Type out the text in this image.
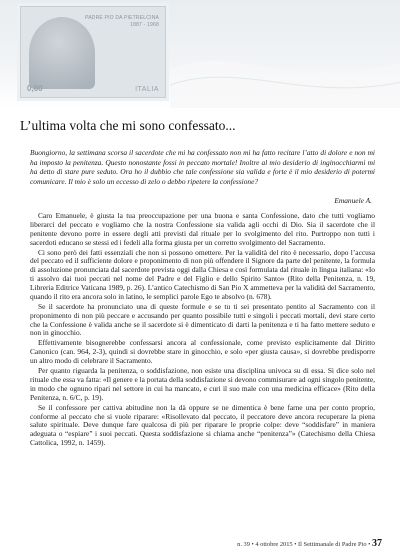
PADRE PIO DA PIETRELCINA
1887 - 1968
0,60	ITALIA
L’ultima volta che mi sono confessato...
Buongiorno, la settimana scorsa il sacerdote che mi ha confessato non mi ha fatto recitare l’atto di dolore e non mi ha imposto la penitenza. Questo nonostante fossi in peccato mortale! Inoltre al mio desiderio di inginocchiarmi mi ha detto di stare pure seduto. Ora ho il dubbio che tale confessione sia valida e forte è il mio desiderio di potermi comunicare. Il mio è solo un eccesso di zelo o debbo ripetere la confessione?
Emanuele A.

Caro Emanuele, è giusta la tua preoccupazione per una buona e santa Confessione, dato che tutti vogliamo liberarci del peccato e vogliamo che la nostra Confessione sia valida agli occhi di Dio. Sia il sacerdote che il penitente devono porre in essere degli atti previsti dal rituale per lo svolgimento del rito. Purtroppo non tutti i sacerdoti educano se stessi ed i fedeli alla forma giusta per un corretto svolgimento del Sacramento.

Ci sono però dei fatti essenziali che non si possono omettere. Per la validità del rito è necessario, dopo l’accusa del peccato ed il sufficiente dolore e proponimento di non più offendere il Signore da parte del penitente, la formula di assoluzione pronunciata dal sacerdote prevista oggi dalla Chiesa e così formulata dal rituale in lingua italiana: «Io ti assolvo dai tuoi peccati nel nome del Padre e del Figlio e dello Spirito Santo» (Rito della Penitenza, n. 19, Libreria Editrice Vaticana 1989, p. 26). L’antico Catechismo di San Pio X ammetteva per la validità del Sacramento, quando il rito era ancora solo in latino, le semplici parole Ego te absolvo (n. 678).

Se il sacerdote ha pronunciato una di queste formule e se tu ti sei presentato pentito al Sacramento con il proponimento di non più peccare e accusando per quanto possibile tutti e singoli i peccati mortali, devi stare certo che la Confessione è valida anche se il sacerdote si è dimenticato di darti la penitenza e ti ha fatto mettere seduto e non in ginocchio.

Effettivamente bisognerebbe confessarsi ancora al confessionale, come previsto esplicitamente dal Diritto Canonico (can. 964, 2-3), quindi si dovrebbe stare in ginocchio, e solo «per giusta causa», si dovrebbe predisporre un altro modo di celebrare il Sacramento.

Per quanto riguarda la penitenza, o soddisfazione, non esiste una disciplina univoca su di essa. Si dice solo nel rituale che essa va fatta: «Il genere e la portata della soddisfazione si devono commisurare ad ogni singolo penitente, in modo che ognuno ripari nel settore in cui ha mancato, e curi il suo male con una medicina efficace» (Rito della Penitenza, n. 6/C, p. 19).

Se il confessore per cattiva abitudine non la dà oppure se ne dimentica è bene farne una per conto proprio, conforme al peccato che si vuole riparare: «Risollevato dal peccato, il peccatore deve ancora recuperare la piena salute spirituale. Deve dunque fare qualcosa di più per riparare le proprie colpe: deve “soddisfare” in maniera adeguata o “espiare” i suoi peccati. Questa soddisfazione si chiama anche “penitenza”» (Catechismo della Chiesa Cattolica, 1992, n. 1459).

n. 39 • 4 ottobre 2015 • Il Settimanale di Padre Pio • 37
